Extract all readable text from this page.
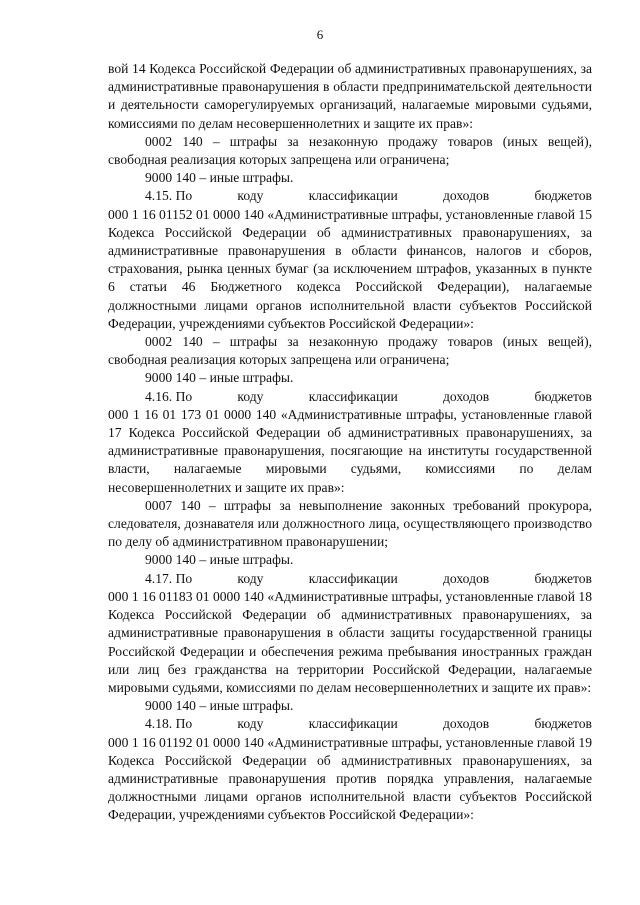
6

вой 14 Кодекса Российской Федерации об административных правонарушениях, за административные правонарушения в области предпринимательской деятельности и деятельности саморегулируемых организаций, налагаемые мировыми судьями, комиссиями по делам несовершеннолетних и защите их прав»:

0002 140 – штрафы за незаконную продажу товаров (иных вещей), свободная реализация которых запрещена или ограничена;

9000 140 – иные штрафы.

4.15. По	коду	классификации	доходов	бюджетов

000 1 16 01152 01 0000 140 «Административные штрафы, установленные главой 15 Кодекса Российской Федерации об административных правонарушениях, за административные правонарушения в области финансов, налогов и сборов, страхования, рынка ценных бумаг (за исключением штрафов, указанных в пункте 6 статьи 46 Бюджетного кодекса Российской Федерации), налагаемые должностными лицами органов исполнительной власти субъектов Российской Федерации, учреждениями субъектов Российской Федерации»:

0002 140 – штрафы за незаконную продажу товаров (иных вещей), свободная реализация которых запрещена или ограничена;

9000 140 – иные штрафы.

4.16. По	коду	классификации	доходов	бюджетов

000 1 16 01 173 01 0000 140 «Административные штрафы, установленные главой 17 Кодекса Российской Федерации об административных правонарушениях, за административные правонарушения, посягающие на институты государственной власти, налагаемые мировыми судьями, комиссиями по делам несовершеннолетних и защите их прав»:

0007 140 – штрафы за невыполнение законных требований прокурора, следователя, дознавателя или должностного лица, осуществляющего производство по делу об административном правонарушении;

9000 140 – иные штрафы.

4.17. По	коду	классификации	доходов	бюджетов

000 1 16 01183 01 0000 140 «Административные штрафы, установленные главой 18 Кодекса Российской Федерации об административных правонарушениях, за административные правонарушения в области защиты государственной границы Российской Федерации и обеспечения режима пребывания иностранных граждан или лиц без гражданства на территории Российской Федерации, налагаемые мировыми судьями, комиссиями по делам несовершеннолетних и защите их прав»:

9000 140 – иные штрафы.

4.18. По	коду	классификации	доходов	бюджетов

000 1 16 01192 01 0000 140 «Административные штрафы, установленные главой 19 Кодекса Российской Федерации об административных правонарушениях, за административные правонарушения против порядка управления, налагаемые должностными лицами органов исполнительной власти субъектов Российской Федерации, учреждениями субъектов Российской Федерации»:
